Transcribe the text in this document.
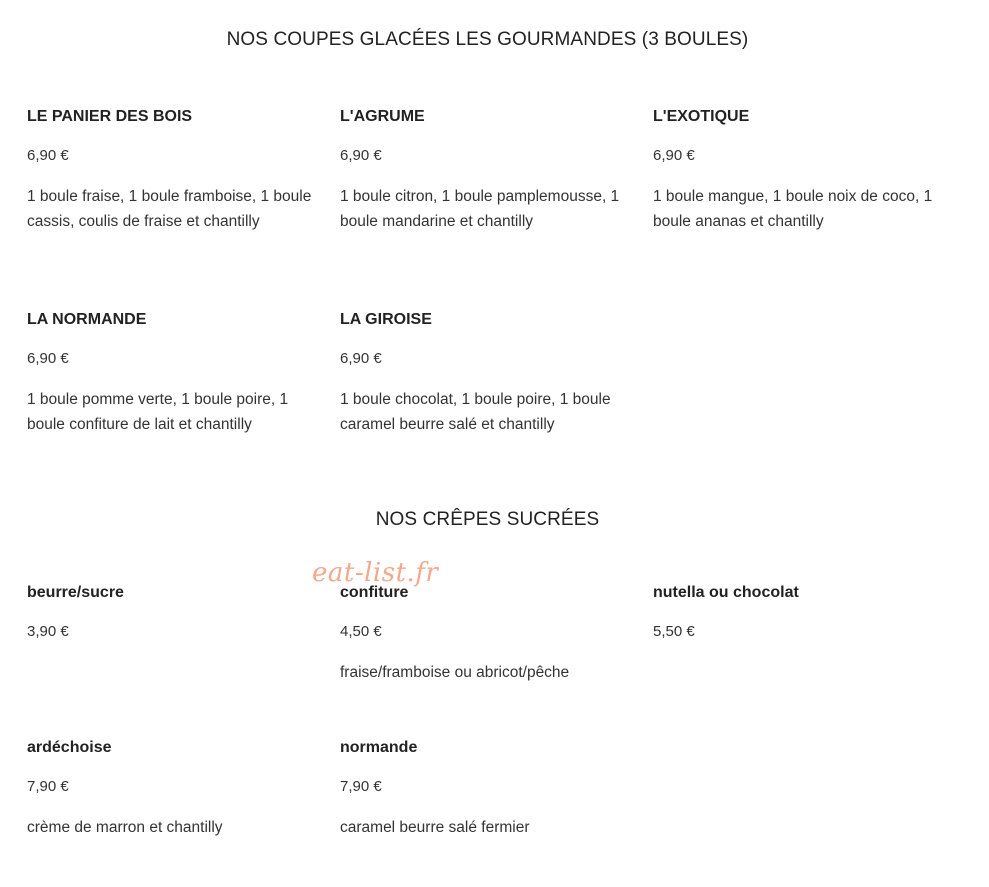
NOS COUPES GLACÉES LES GOURMANDES (3 BOULES)

LE PANIER DES BOIS

6,90 €

1 boule fraise, 1 boule framboise, 1 boule cassis, coulis de fraise et chantilly

L'AGRUME

6,90 €

1 boule citron, 1 boule pamplemousse, 1 boule mandarine et chantilly

L'EXOTIQUE

6,90 €

1 boule mangue, 1 boule noix de coco, 1 boule ananas et chantilly

LA NORMANDE

6,90 €

1 boule pomme verte, 1 boule poire, 1 boule confiture de lait et chantilly

LA GIROISE

6,90 €

1 boule chocolat, 1 boule poire, 1 boule caramel beurre salé et chantilly

NOS CRÊPES SUCRÉES
eat-list.fr

beurre/sucre

3,90 €

confiture

4,50 €

fraise/framboise ou abricot/pêche

nutella ou chocolat

5,50 €

ardéchoise

7,90 €

crème de marron et chantilly

normande

7,90 €

caramel beurre salé fermier
